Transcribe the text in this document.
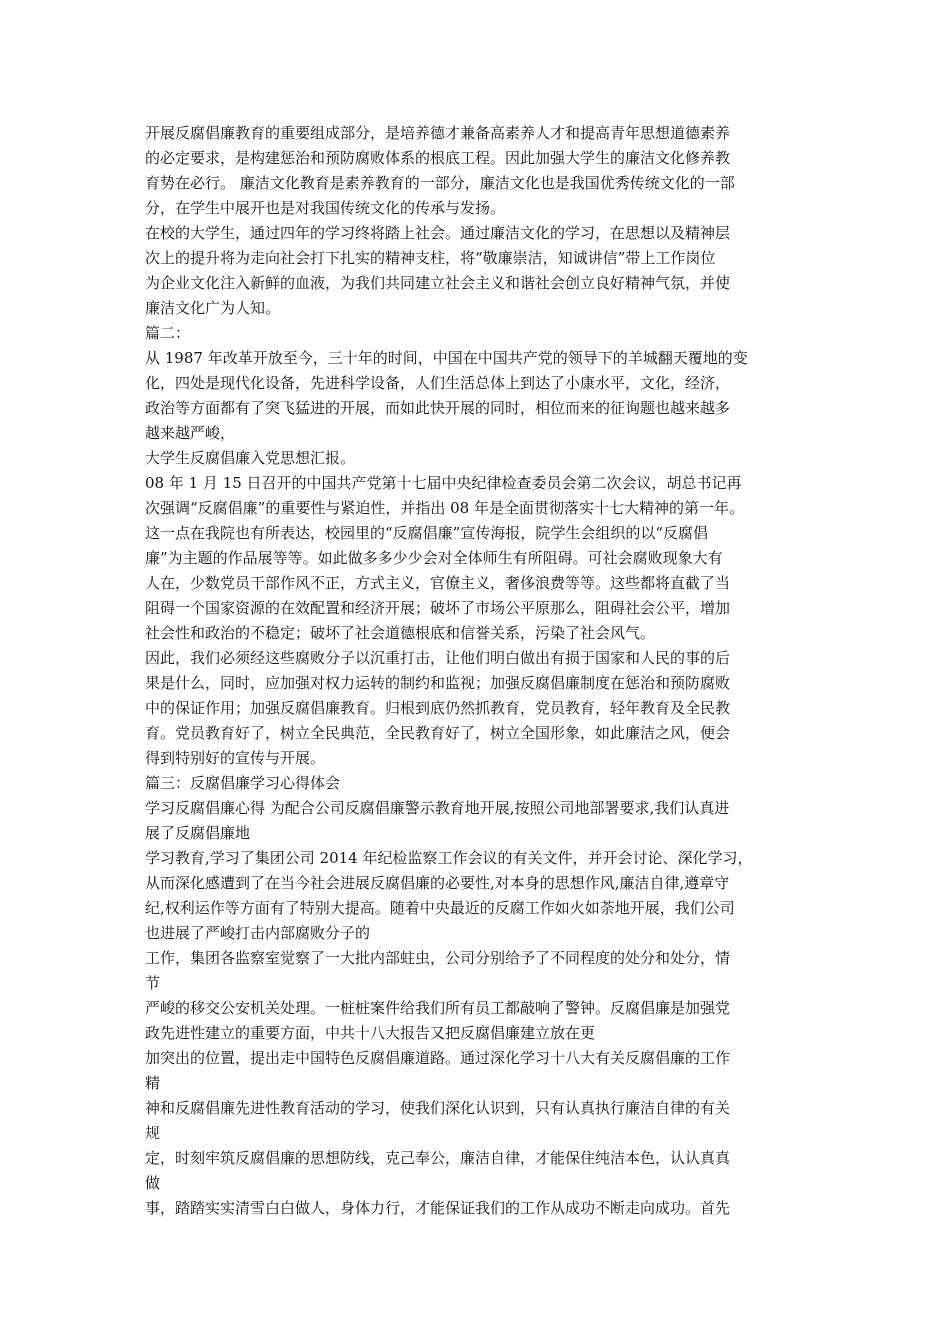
开展反腐倡廉教育的重要组成部分，是培养德才兼备高素养人才和提高青年思想道德素养
的必定要求，是构建惩治和预防腐败体系的根底工程。因此加强大学生的廉洁文化修养教
育势在必行。 廉洁文化教育是素养教育的一部分，廉洁文化也是我国优秀传统文化的一部
分，在学生中展开也是对我国传统文化的传承与发扬。
在校的大学生，通过四年的学习终将踏上社会。通过廉洁文化的学习，在思想以及精神层
次上的提升将为走向社会打下扎实的精神支柱，将“敬廉崇洁，知诚讲信”带上工作岗位
为企业文化注入新鲜的血液，为我们共同建立社会主义和谐社会创立良好精神气氛，并使
廉洁文化广为人知。
篇二：
从 1987 年改革开放至今，三十年的时间，中国在中国共产党的领导下的羊城翻天覆地的变
化，四处是现代化设备，先进科学设备，人们生活总体上到达了小康水平，文化，经济，
政治等方面都有了突飞猛进的开展，而如此快开展的同时，相位而来的征询题也越来越多
越来越严峻，
大学生反腐倡廉入党思想汇报。
08 年 1 月 15 日召开的中国共产党第十七届中央纪律检查委员会第二次会议，胡总书记再
次强调“反腐倡廉”的重要性与紧迫性，并指出 08 年是全面贯彻落实十七大精神的第一年。
这一点在我院也有所表达，校园里的“反腐倡廉”宣传海报，院学生会组织的以“反腐倡
廉”为主题的作品展等等。如此做多多少少会对全体师生有所阻碍。可社会腐败现象大有
人在，少数党员干部作风不正，方式主义，官僚主义，奢侈浪费等等。这些都将直截了当
阻碍一个国家资源的在效配置和经济开展；破坏了市场公平原那么，阻碍社会公平，增加
社会性和政治的不稳定；破坏了社会道德根底和信誉关系，污染了社会风气。
因此，我们必须经这些腐败分子以沉重打击，让他们明白做出有损于国家和人民的事的后
果是什么，同时，应加强对权力运转的制约和监视；加强反腐倡廉制度在惩治和预防腐败
中的保证作用；加强反腐倡廉教育。归根到底仍然抓教育，党员教育，轻年教育及全民教
育。党员教育好了，树立全民典范，全民教育好了，树立全国形象，如此廉洁之风，便会
得到特别好的宣传与开展。
篇三：反腐倡廉学习心得体会
学习反腐倡廉心得 为配合公司反腐倡廉警示教育地开展,按照公司地部署要求,我们认真进
展了反腐倡廉地
学习教育,学习了集团公司 2014 年纪检监察工作会议的有关文件，并开会讨论、深化学习，
从而深化感遭到了在当今社会进展反腐倡廉的必要性,对本身的思想作风,廉洁自律,遵章守
纪,权利运作等方面有了特别大提高。随着中央最近的反腐工作如火如荼地开展，我们公司
也进展了严峻打击内部腐败分子的
工作，集团各监察室觉察了一大批内部蛀虫，公司分别给予了不同程度的处分和处分，情
节
严峻的移交公安机关处理。一桩桩案件给我们所有员工都敲响了警钟。反腐倡廉是加强党
政先进性建立的重要方面，中共十八大报告又把反腐倡廉建立放在更
加突出的位置，提出走中国特色反腐倡廉道路。通过深化学习十八大有关反腐倡廉的工作
精
神和反腐倡廉先进性教育活动的学习，使我们深化认识到，只有认真执行廉洁自律的有关
规
定，时刻牢筑反腐倡廉的思想防线，克己奉公，廉洁自律，才能保住纯洁本色，认认真真
做
事，踏踏实实清雪白白做人，身体力行，才能保证我们的工作从成功不断走向成功。首先
